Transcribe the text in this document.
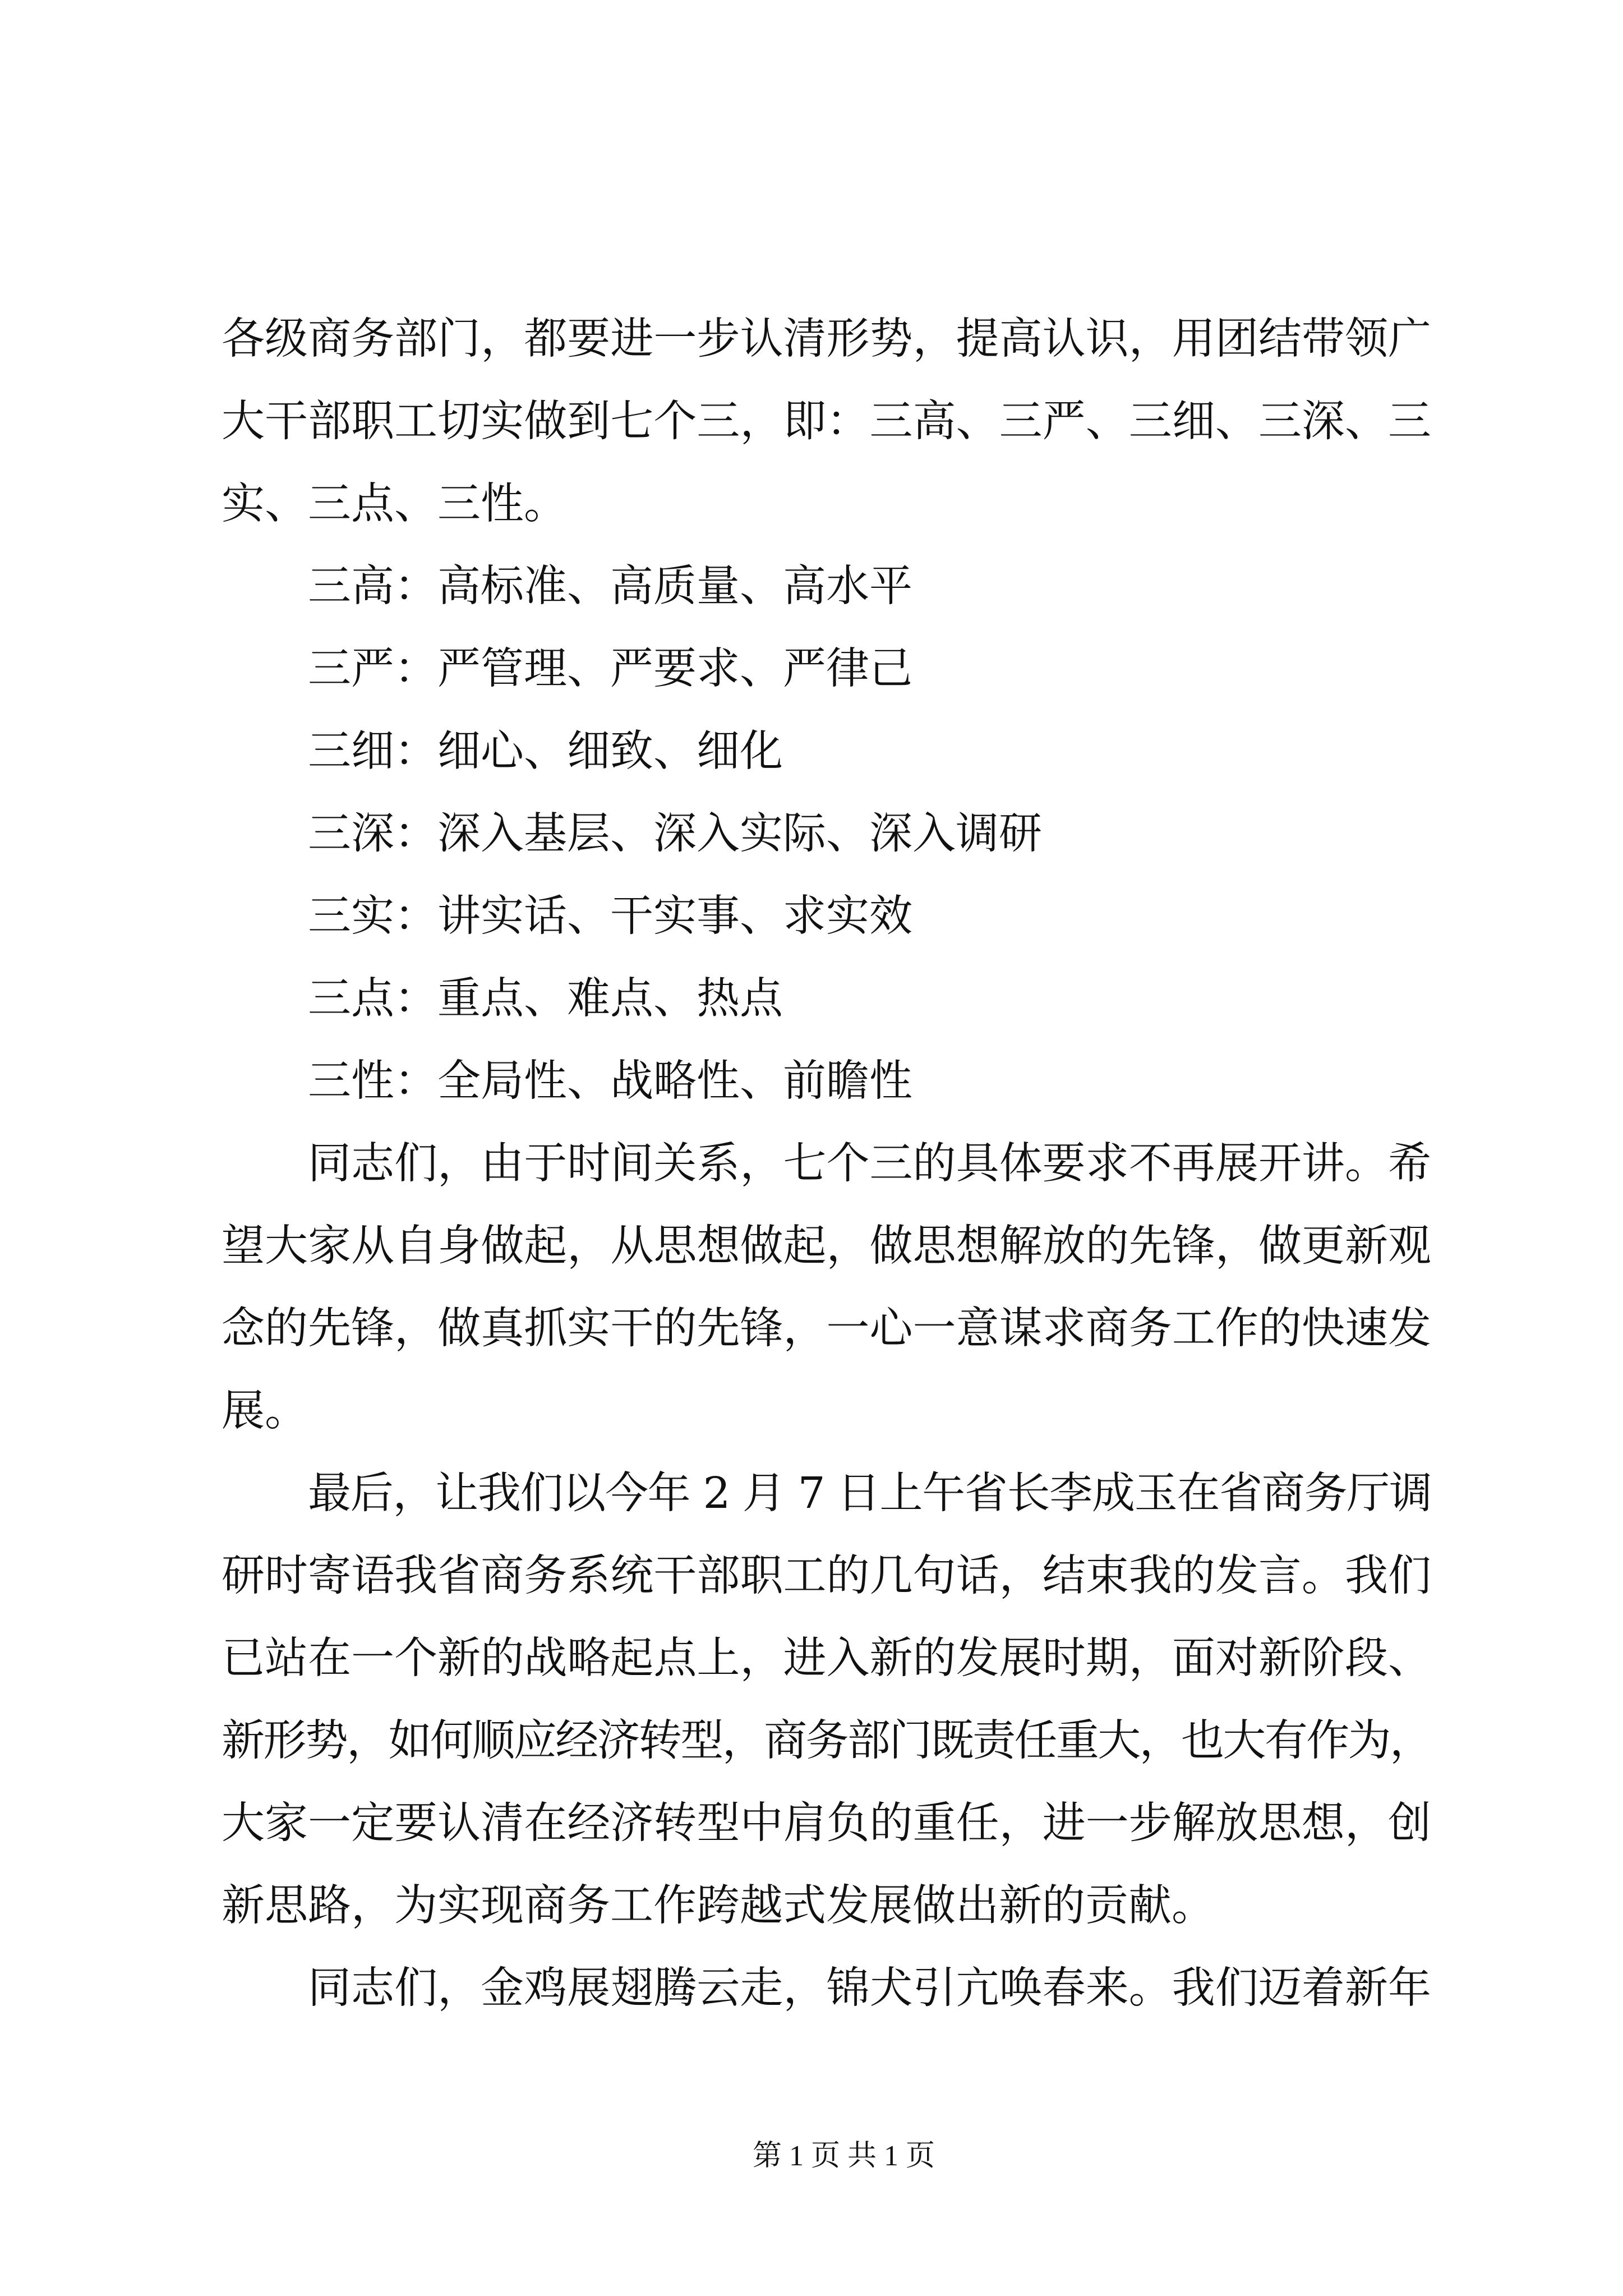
各级商务部门，都要进一步认清形势，提高认识，用团结带领广
大干部职工切实做到七个三，即：三高、三严、三细、三深、三
实、三点、三性。
三高：高标准、高质量、高水平
三严：严管理、严要求、严律己
三细：细心、细致、细化
三深：深入基层、深入实际、深入调研
三实：讲实话、干实事、求实效
三点：重点、难点、热点
三性：全局性、战略性、前瞻性
同志们，由于时间关系，七个三的具体要求不再展开讲。希
望大家从自身做起，从思想做起，做思想解放的先锋，做更新观
念的先锋，做真抓实干的先锋，一心一意谋求商务工作的快速发
展。
最后，让我们以今年 2 月 7 日上午省长李成玉在省商务厅调
研时寄语我省商务系统干部职工的几句话，结束我的发言。我们
已站在一个新的战略起点上，进入新的发展时期，面对新阶段、
新形势，如何顺应经济转型，商务部门既责任重大，也大有作为，
大家一定要认清在经济转型中肩负的重任，进一步解放思想，创
新思路，为实现商务工作跨越式发展做出新的贡献。
同志们，金鸡展翅腾云走，锦犬引亢唤春来。我们迈着新年
第 1 页 共 1 页
